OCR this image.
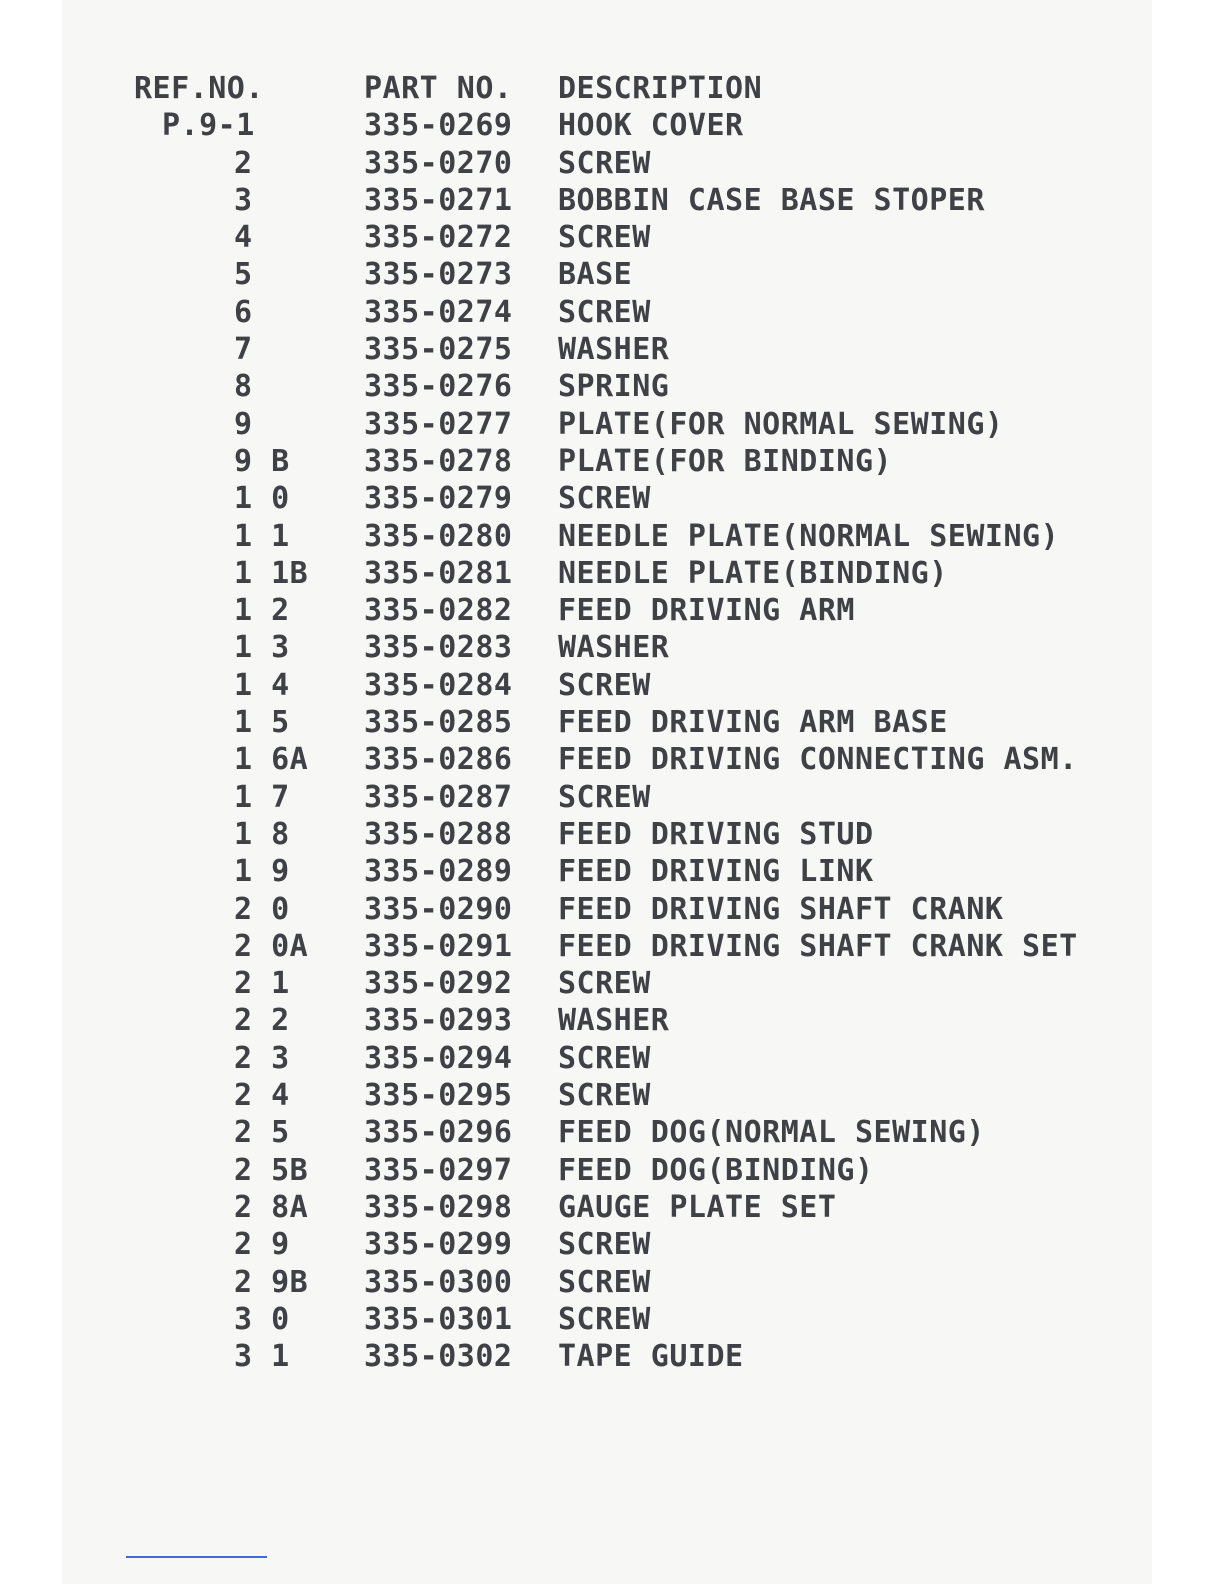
REF.NO.	PART NO. DESCRIPTION
P.9-1	335-0269 HOOK COVER
2	335-0270 SCREW
3	335-0271 BOBBIN CASE BASE STOPER
4	335-0272 SCREW
5	335-0273 BASE
6	335-0274 SCREW
7	335-0275 WASHER
8	335-0276 SPRING
9	335-0277 PLATE(FOR NORMAL SEWING)
9 B 335-0278 PLATE(FOR BINDING)
1 0 335-0279 SCREW
1 1 335-0280 NEEDLE PLATE(NORMAL SEWING)
1 1B 335-0281 NEEDLE PLATE(BINDING)
1 2 335-0282 FEED DRIVING ARM
1 3 335-0283 WASHER
1 4 335-0284 SCREW
1 5 335-0285 FEED DRIVING ARM BASE
1 6A 335-0286 FEED DRIVING CONNECTING ASM.
1 7 335-0287 SCREW
1 8 335-0288 FEED DRIVING STUD
1 9 335-0289 FEED DRIVING LINK
2 0 335-0290 FEED DRIVING SHAFT CRANK
2 0A 335-0291 FEED DRIVING SHAFT CRANK SET
2 1 335-0292 SCREW
2 2 335-0293 WASHER
2 3 335-0294 SCREW
2 4 335-0295 SCREW
2 5 335-0296 FEED DOG(NORMAL SEWING)
2 5B 335-0297 FEED DOG(BINDING)
2 8A 335-0298 GAUGE PLATE SET
2 9 335-0299 SCREW
2 9B 335-0300 SCREW
3 0 335-0301 SCREW
3 1 335-0302 TAPE GUIDE
